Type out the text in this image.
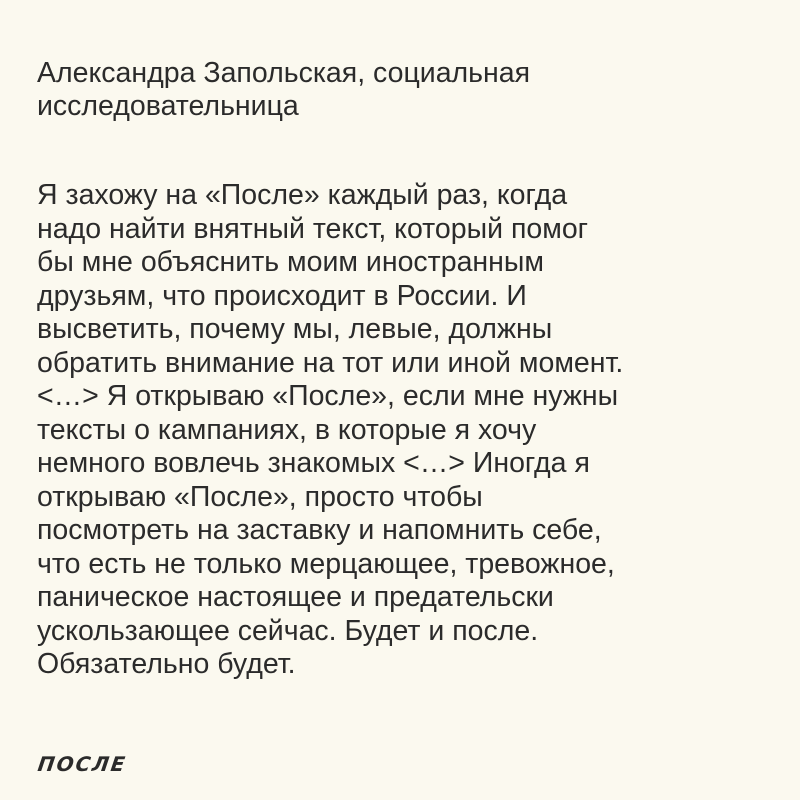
Александра Запольская, социальная
исследовательница

Я захожу на «После» каждый раз, когда
надо найти внятный текст, который помог
бы мне объяснить моим иностранным
друзьям, что происходит в России. И
высветить, почему мы, левые, должны
обратить внимание на тот или иной момент.
<…> Я открываю «После», если мне нужны
тексты о кампаниях, в которые я хочу
немного вовлечь знакомых <…> Иногда я
открываю «После», просто чтобы
посмотреть на заставку и напомнить себе,
что есть не только мерцающее, тревожное,
паническое настоящее и предательски
ускользающее сейчас. Будет и после.
Обязательно будет.

ПОСЛЕ
